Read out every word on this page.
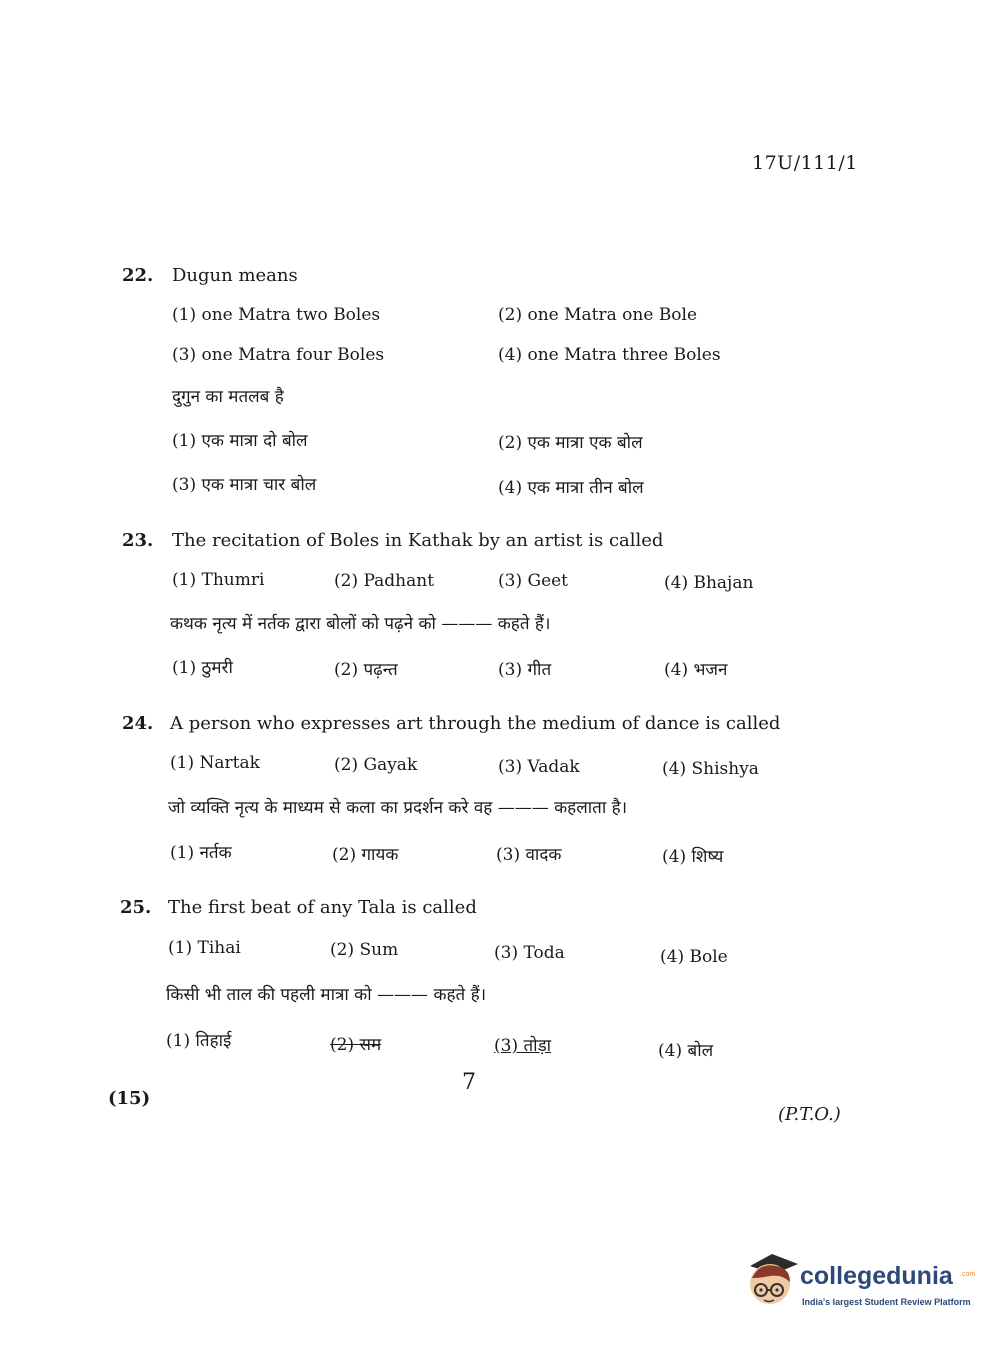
17U/111/1
22. Dugun means
(1) one Matra two Boles	(2) one Matra one Bole
(3) one Matra four Boles	(4) one Matra three Boles
दुगुन का मतलब है
(1) एक मात्रा दो बोल	(2) एक मात्रा एक बोल
(3) एक मात्रा चार बोल	(4) एक मात्रा तीन बोल
23. The recitation of Boles in Kathak by an artist is called
(1) Thumri	(2) Padhant	(3) Geet	(4) Bhajan
कथक नृत्य में नर्तक द्वारा बोलों को पढ़ने को ——— कहते हैं।
(1) ठुमरी	(2) पढ़न्त	(3) गीत	(4) भजन
24. A person who expresses art through the medium of dance is called
(1) Nartak	(2) Gayak	(3) Vadak	(4) Shishya
जो व्यक्ति नृत्य के माध्यम से कला का प्रदर्शन करे वह ——— कहलाता है।
(1) नर्तक	(2) गायक	(3) वादक	(4) शिष्य
25. The first beat of any Tala is called
(1) Tihai	(2) Sum	(3) Toda	(4) Bole
किसी भी ताल की पहली मात्रा को ——— कहते हैं।
(1) तिहाई	(2) सम	(3) तोड़ा	(4) बोल
(15)
7
(P.T.O.)
collegedunia .com
India's largest Student Review Platform
